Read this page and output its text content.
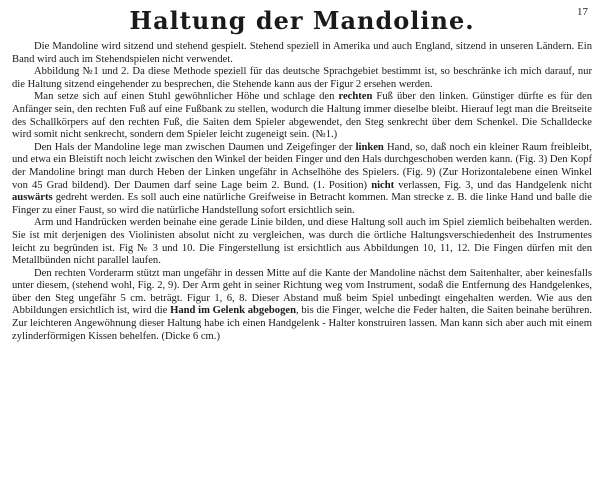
17
Haltung der Mandoline.

Die Mandoline wird sitzend und stehend gespielt. Stehend speziell in Amerika und auch England, sitzend in unseren Ländern. Ein Band wird auch im Stehendspielen nicht verwendet.

Abbildung №1 und 2. Da diese Methode speziell für das deutsche Sprachgebiet bestimmt ist, so beschränke ich mich darauf, nur die Haltung sitzend eingehender zu besprechen, die Stehende kann aus der Figur 2 ersehen werden.

Man setze sich auf einen Stuhl gewöhnlicher Höhe und schlage den rechten Fuß über den linken. Günstiger dürfte es für den Anfänger sein, den rechten Fuß auf eine Fußbank zu stellen, wodurch die Haltung immer dieselbe bleibt. Hierauf legt man die Breitseite des Schallkörpers auf den rechten Fuß, die Saiten dem Spieler abgewendet, den Steg senkrecht über dem Schenkel. Die Schalldecke wird somit nicht senkrecht, sondern dem Spieler leicht zugeneigt sein. (№1.)

Den Hals der Mandoline lege man zwischen Daumen und Zeigefinger der linken Hand, so, daß noch ein kleiner Raum freibleibt, und etwa ein Bleistift noch leicht zwischen den Winkel der beiden Finger und den Hals durchgeschoben werden kann. (Fig. 3) Den Kopf der Mandoline bringt man durch Heben der Linken ungefähr in Achselhöhe des Spielers. (Fig. 9) (Zur Horizontalebene einen Winkel von 45 Grad bildend). Der Daumen darf seine Lage beim 2. Bund. (1. Position) nicht verlassen, Fig. 3, und das Handgelenk nicht auswärts gedreht werden. Es soll auch eine natürliche Greifweise in Betracht kommen. Man strecke z. B. die linke Hand und balle die Finger zu einer Faust, so wird die natürliche Handstellung sofort ersichtlich sein.

Arm und Handrücken werden beinahe eine gerade Linie bilden, und diese Haltung soll auch im Spiel ziemlich beibehalten werden. Sie ist mit derjenigen des Violinisten absolut nicht zu vergleichen, was durch die örtliche Haltungsverschiedenheit des Instrumentes leicht zu begründen ist. Fig № 3 und 10. Die Fingerstellung ist ersichtlich aus Abbildungen 10, 11, 12. Die Fingen dürfen mit den Metallbünden nicht parallel laufen.

Den rechten Vorderarm stützt man ungefähr in dessen Mitte auf die Kante der Mandoline nächst dem Saitenhalter, aber keinesfalls unter diesem, (stehend wohl, Fig. 2, 9). Der Arm geht in seiner Richtung weg vom Instrument, sodaß die Entfernung des Handgelenkes, über den Steg ungefähr 5 cm. beträgt. Figur 1, 6, 8. Dieser Abstand muß beim Spiel unbedingt eingehalten werden. Wie aus den Abbildungen ersichtlich ist, wird die Hand im Gelenk abgebogen, bis die Finger, welche die Feder halten, die Saiten beinahe berühren. Zur leichteren Angewöhnung dieser Haltung habe ich einen Handgelenk - Halter konstruiren lassen. Man kann sich aber auch mit einem zylinderförmigen Kissen behelfen. (Dicke 6 cm.)
